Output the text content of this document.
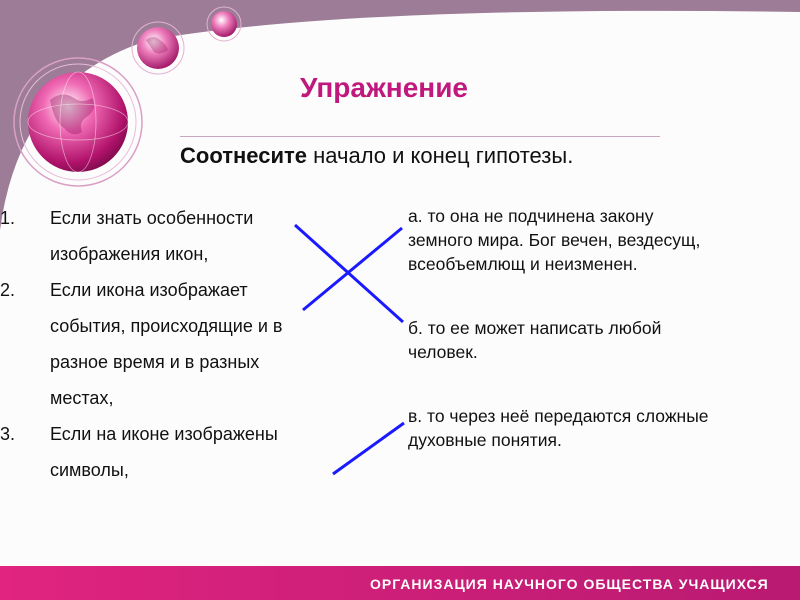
Упражнение
Соотнесите начало и конец гипотезы.
1. Если знать особенности
изображения икон,
2. Если икона изображает
события, происходящие и в
разное время и в разных
местах,
3. Если на иконе изображены
символы,
а. то она не подчинена закону
земного мира. Бог вечен, вездесущ,
всеобъемлющ и неизменен.
б. то ее может написать любой
человек.
в. то через неё передаются сложные
духовные понятия.
ОРГАНИЗАЦИЯ НАУЧНОГО ОБЩЕСТВА УЧАЩИХСЯ
